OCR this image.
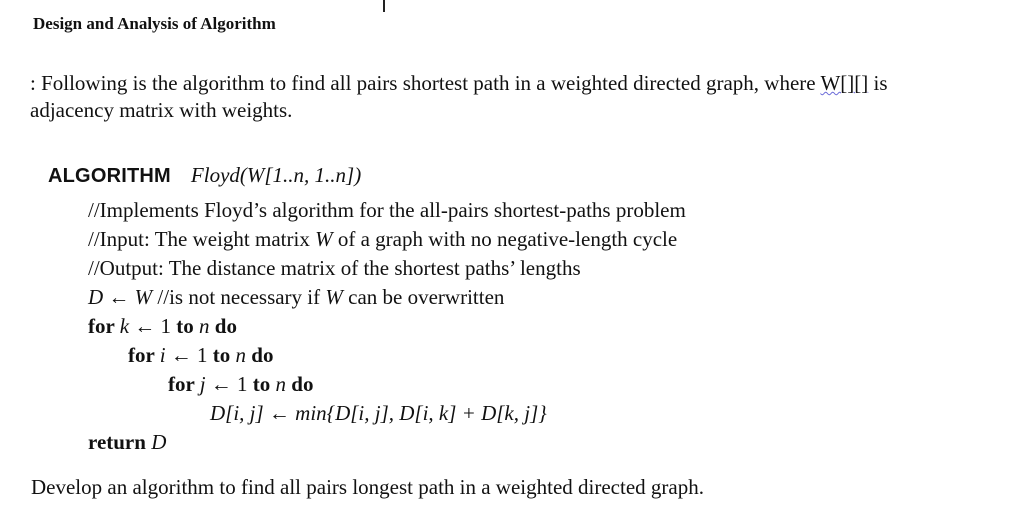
Design and Analysis of Algorithm
: Following is the algorithm to find all pairs shortest path in a weighted directed graph, where W[][] is
adjacency matrix with weights.
ALGORITHM Floyd(W[1..n, 1..n])
//Implements Floyd’s algorithm for the all-pairs shortest-paths problem
//Input: The weight matrix W of a graph with no negative-length cycle
//Output: The distance matrix of the shortest paths’ lengths
D ← W //is not necessary if W can be overwritten
for k ← 1 to n do
for i ← 1 to n do
for j ← 1 to n do
D[i, j] ← min{D[i, j], D[i, k] + D[k, j]}
return D
Develop an algorithm to find all pairs longest path in a weighted directed graph.
